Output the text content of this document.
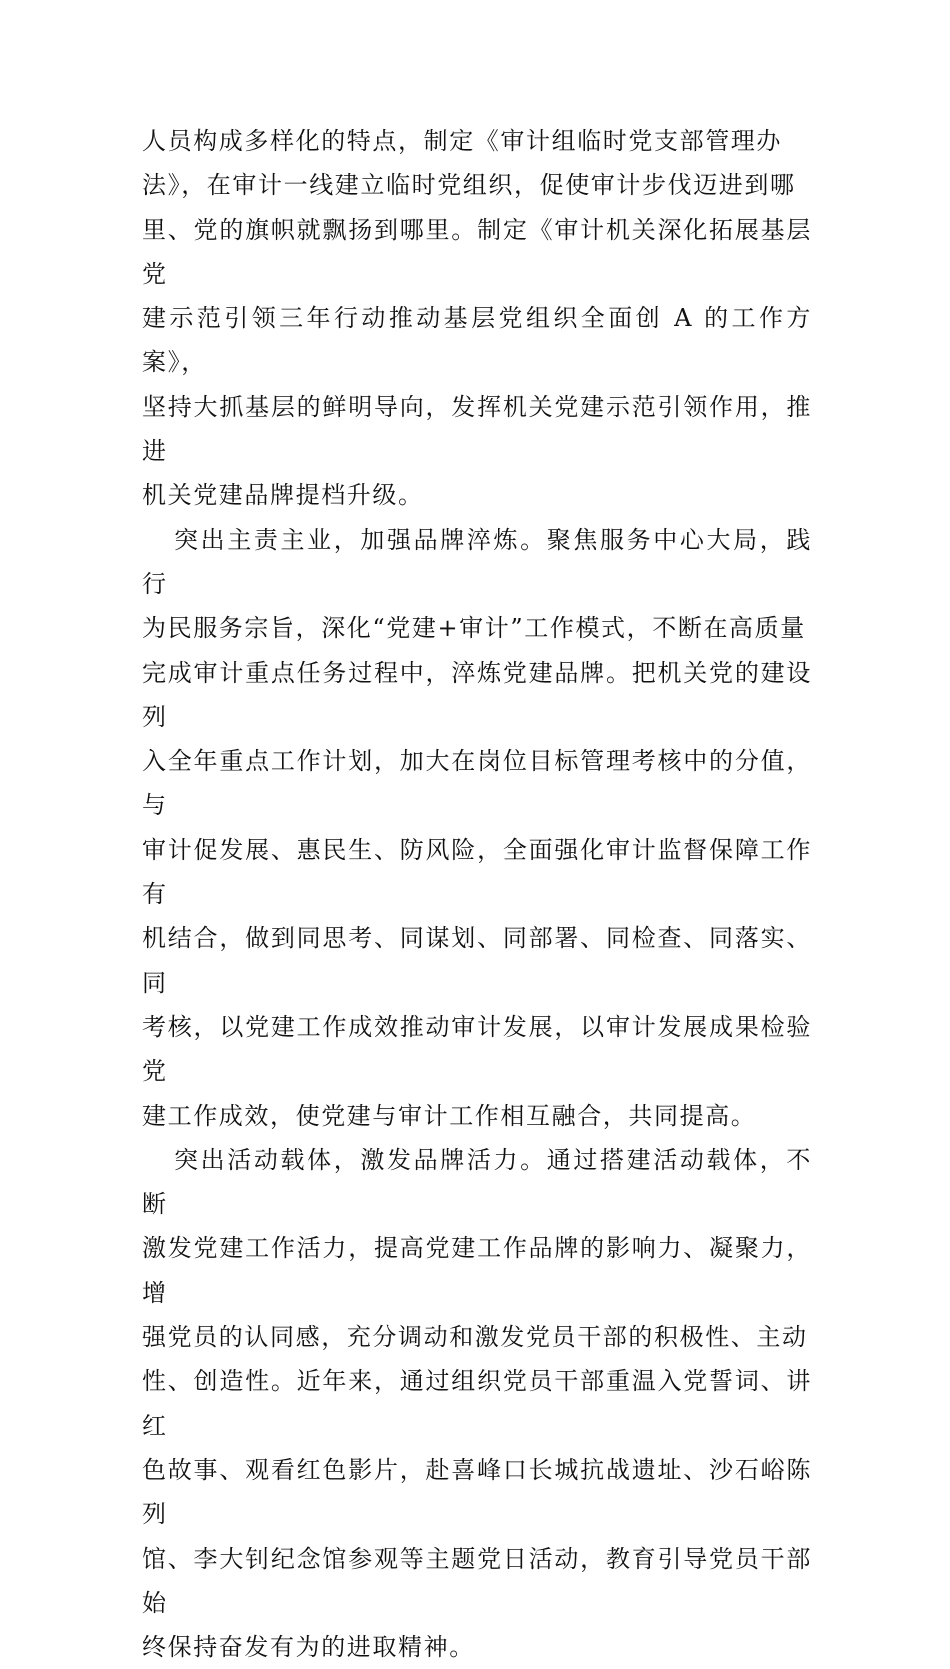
人员构成多样化的特点，制定《审计组临时党支部管理办
法》，在审计一线建立临时党组织，促使审计步伐迈进到哪
里、党的旗帜就飘扬到哪里。制定《审计机关深化拓展基层党
建示范引领三年行动推动基层党组织全面创 A 的工作方案》，
坚持大抓基层的鲜明导向，发挥机关党建示范引领作用，推进
机关党建品牌提档升级。
突出主责主业，加强品牌淬炼。聚焦服务中心大局，践行
为民服务宗旨，深化“党建+审计”工作模式，不断在高质量
完成审计重点任务过程中，淬炼党建品牌。把机关党的建设列
入全年重点工作计划，加大在岗位目标管理考核中的分值，与
审计促发展、惠民生、防风险，全面强化审计监督保障工作有
机结合，做到同思考、同谋划、同部署、同检查、同落实、同
考核，以党建工作成效推动审计发展，以审计发展成果检验党
建工作成效，使党建与审计工作相互融合，共同提高。
突出活动载体，激发品牌活力。通过搭建活动载体，不断
激发党建工作活力，提高党建工作品牌的影响力、凝聚力，增
强党员的认同感，充分调动和激发党员干部的积极性、主动
性、创造性。近年来，通过组织党员干部重温入党誓词、讲红
色故事、观看红色影片，赴喜峰口长城抗战遗址、沙石峪陈列
馆、李大钊纪念馆参观等主题党日活动，教育引导党员干部始
终保持奋发有为的进取精神。
